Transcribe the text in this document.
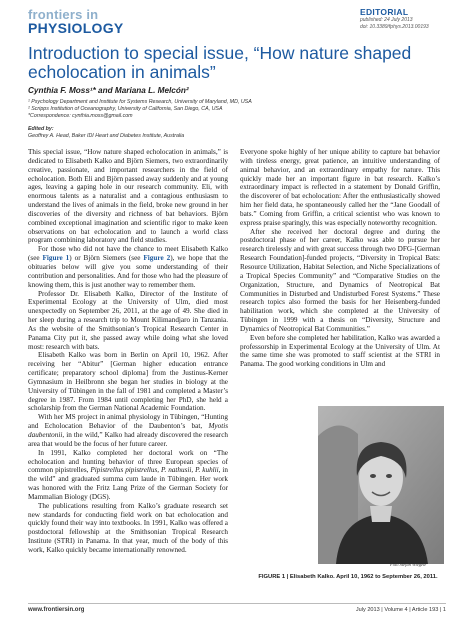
frontiers in
PHYSIOLOGY
EDITORIAL
published: 24 July 2013
doi: 10.3389/fphys.2013.00193
Introduction to special issue, “How nature shaped echolocation in animals”
Cynthia F. Moss¹* and Mariana L. Melcón²
¹ Psychology Department and Institute for Systems Research, University of Maryland, MD, USA
² Scripps Institution of Oceanography, University of California, San Diego, CA, USA
*Correspondence: cynthia.moss@gmail.com
Edited by:
Geoffrey A. Head, Baker IDI Heart and Diabetes Institute, Australia

This special issue, “How nature shaped echolocation in animals,” is dedicated to Elisabeth Kalko and Björn Siemers, two extraordinarily creative, passionate, and important researchers in the field of echolocation. Both Eli and Björn passed away suddenly and at young ages, leaving a gaping hole in our research community. Eli, with enormous talents as a naturalist and a contagious enthusiasm to understand the lives of animals in the field, broke new ground in her discoveries of the diversity and richness of bat behaviors. Björn combined exceptional imagination and scientific rigor to make keen observations on bat echolocation and to launch a world class program combining laboratory and field studies.

For those who did not have the chance to meet Elisabeth Kalko (see Figure 1) or Björn Siemers (see Figure 2), we hope that the obituaries below will give you some understanding of their contribution and personalities. And for those who had the pleasure of knowing them, this is just another way to remember them.

Professor Dr. Elisabeth Kalko, Director of the Institute of Experimental Ecology at the University of Ulm, died most unexpectedly on September 26, 2011, at the age of 49. She died in her sleep during a research trip to Mount Kilimandjaro in Tanzania. As the website of the Smithsonian’s Tropical Research Center in Panama City put it, she passed away while doing what she loved most: research with bats.

Elisabeth Kalko was born in Berlin on April 10, 1962. After receiving her “Abitur” [German higher education entrance certificate; preparatory school diploma] from the Justinus-Kerner Gymnasium in Heilbronn she began her studies in biology at the University of Tübingen in the fall of 1981 and completed a Master’s degree in 1987. From 1984 until completing her PhD, she held a scholarship from the German National Academic Foundation.

With her MS project in animal physiology in Tübingen, “Hunting and Echolocation Behavior of the Daubenton’s bat, Myotis daubentonii, in the wild,” Kalko had already discovered the research area that would be the focus of her future career.

In 1991, Kalko completed her doctoral work on “The echolocation and hunting behavior of three European species of common pipistrelles, Pipistrellus pipistrellus, P. nathusii, P. kuhlii, in the wild” and graduated summa cum laude in Tübingen. Her work was honored with the Fritz Lang Prize of the German Society for Mammalian Biology (DGS).

The publications resulting from Kalko’s graduate research set new standards for conducting field work on bat echolocation and quickly found their way into textbooks. In 1991, Kalko was offered a postdoctoral fellowship at the Smithsonian Tropical Research Institute (STRI) in Panama. In that year, much of the body of this work, Kalko quickly became internationally renowned.

Everyone spoke highly of her unique ability to capture bat behavior with tireless energy, great patience, an intuitive understanding of animal behavior, and an extraordinary empathy for nature. This quickly made her an important figure in bat research. Kalko’s extraordinary impact is reflected in a statement by Donald Griffin, the discoverer of bat echolocation: After the enthusiastically showed him her field data, he spontaneously called her the “Jane Goodall of bats.” Coming from Griffin, a critical scientist who was known to express praise sparingly, this was especially noteworthy recognition.

After she received her doctoral degree and during the postdoctoral phase of her career, Kalko was able to pursue her research tirelessly and with great success through two DFG-[German Research Foundation]-funded projects, “Diversity in Tropical Bats: Resource Utilization, Habitat Selection, and Niche Specializations of a Tropical Species Community” and “Comparative Studies on the Organization, Structure, and Dynamics of Neotropical Bat Communities in Disturbed and Undisturbed Forest Systems.” These research topics also formed the basis for her Heisenberg-funded habilitation work, which she completed at the University of Tübingen in 1999 with a thesis on “Diversity, Structure and Dynamics of Neotropical Bat Communities.”

Even before she completed her habilitation, Kalko was awarded a professorship in Experimental Ecology at the University of Ulm. At the same time she was promoted to staff scientist at the STRI in Panama. The good working conditions in Ulm and

Foto Stefan Wiegele
FIGURE 1 | Elisabeth Kalko. April 10, 1962 to September 26, 2011.
www.frontiersin.org	July 2013 | Volume 4 | Article 193 | 1
